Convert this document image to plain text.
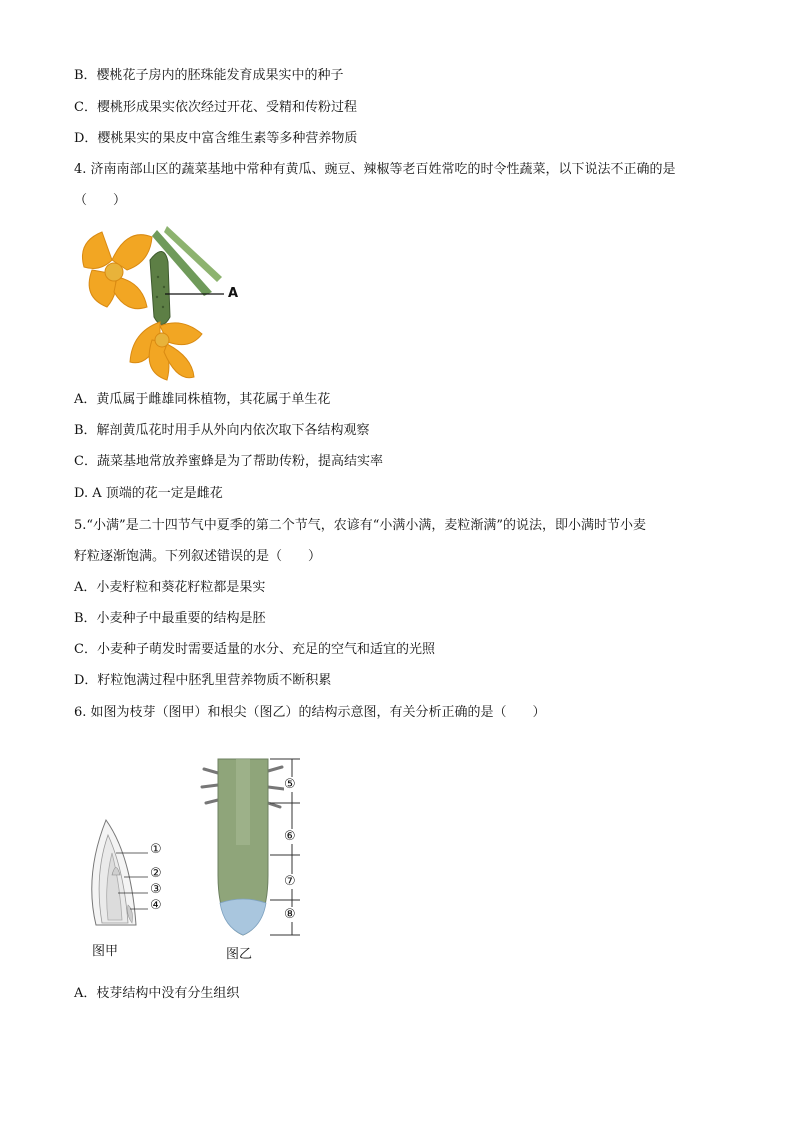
B．樱桃花子房内的胚珠能发育成果实中的种子
C．樱桃形成果实依次经过开花、受精和传粉过程
D．樱桃果实的果皮中富含维生素等多种营养物质
4. 济南南部山区的蔬菜基地中常种有黄瓜、豌豆、辣椒等老百姓常吃的时令性蔬菜，以下说法不正确的是
（　　）
A
A．黄瓜属于雌雄同株植物，其花属于单生花
B．解剖黄瓜花时用手从外向内依次取下各结构观察
C．蔬菜基地常放养蜜蜂是为了帮助传粉，提高结实率
D. A 顶端的花一定是雌花
5.“小满”是二十四节气中夏季的第二个节气，农谚有“小满小满，麦粒渐满”的说法，即小满时节小麦
籽粒逐渐饱满。下列叙述错误的是（　　）
A．小麦籽粒和葵花籽粒都是果实
B．小麦种子中最重要的结构是胚
C．小麦种子萌发时需要适量的水分、充足的空气和适宜的光照
D．籽粒饱满过程中胚乳里营养物质不断积累
6. 如图为枝芽（图甲）和根尖（图乙）的结构示意图，有关分析正确的是（　　）
①
②
③
④
图甲
⑤
⑥
⑦
⑧
图乙
A．枝芽结构中没有分生组织
